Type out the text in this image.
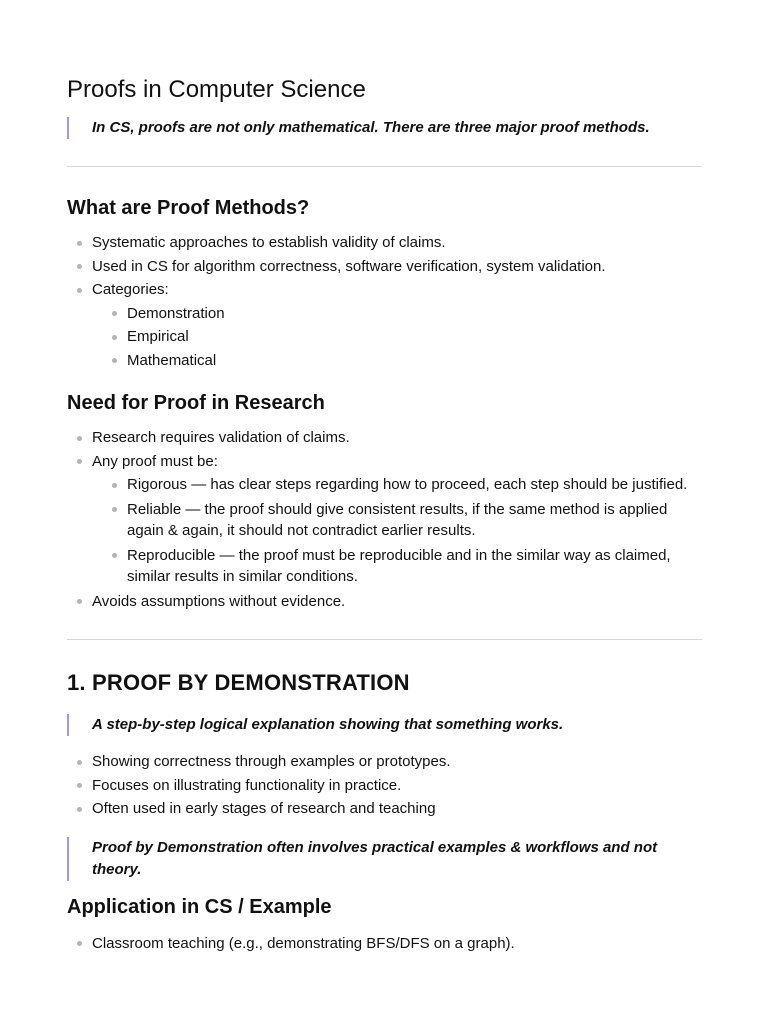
Proofs in Computer Science
In CS, proofs are not only mathematical. There are three major proof methods.
What are Proof Methods?
Systematic approaches to establish validity of claims.
Used in CS for algorithm correctness, software verification, system validation.
Categories:
Demonstration
Empirical
Mathematical
Need for Proof in Research
Research requires validation of claims.
Any proof must be:
Rigorous — has clear steps regarding how to proceed, each step should be justified.
Reliable — the proof should give consistent results, if the same method is applied again & again, it should not contradict earlier results.
Reproducible — the proof must be reproducible and in the similar way as claimed, similar results in similar conditions.
Avoids assumptions without evidence.
1. PROOF BY DEMONSTRATION
A step-by-step logical explanation showing that something works.
Showing correctness through examples or prototypes.
Focuses on illustrating functionality in practice.
Often used in early stages of research and teaching
Proof by Demonstration often involves practical examples & workflows and not theory.
Application in CS / Example
Classroom teaching (e.g., demonstrating BFS/DFS on a graph).
